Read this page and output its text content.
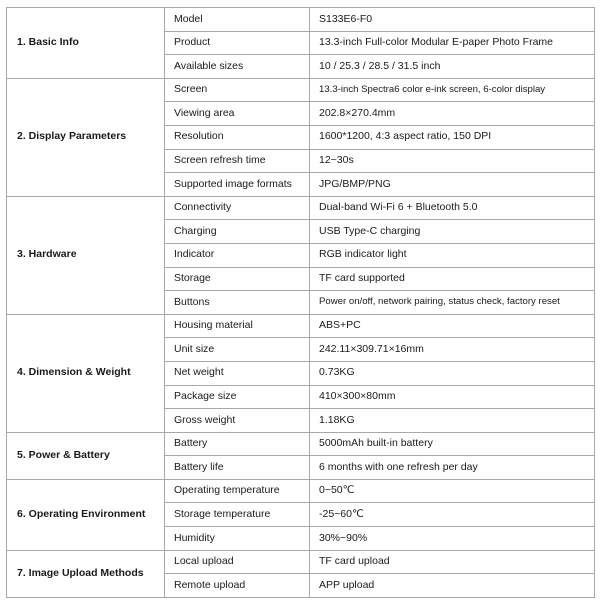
1. Basic Info	Model	S133E6-F0
	Product	13.3-inch Full-color Modular E-paper Photo Frame
	Available sizes	10 / 25.3 / 28.5 / 31.5 inch
2. Display Parameters	Screen	13.3-inch Spectra6 color e-ink screen, 6-color display
	Viewing area	202.8×270.4mm
	Resolution	1600*1200, 4:3 aspect ratio, 150 DPI
	Screen refresh time	12~30s
	Supported image formats	JPG/BMP/PNG
3. Hardware	Connectivity	Dual-band Wi-Fi 6 + Bluetooth 5.0
	Charging	USB Type-C charging
	Indicator	RGB indicator light
	Storage	TF card supported
	Buttons	Power on/off, network pairing, status check, factory reset
4. Dimension & Weight	Housing material	ABS+PC
	Unit size	242.11×309.71×16mm
	Net weight	0.73KG
	Package size	410×300×80mm
	Gross weight	1.18KG
5. Power & Battery	Battery	5000mAh built-in battery
	Battery life	6 months with one refresh per day
6. Operating Environment	Operating temperature	0~50℃
	Storage temperature	-25~60℃
	Humidity	30%~90%
7. Image Upload Methods	Local upload	TF card upload
	Remote upload	APP upload
